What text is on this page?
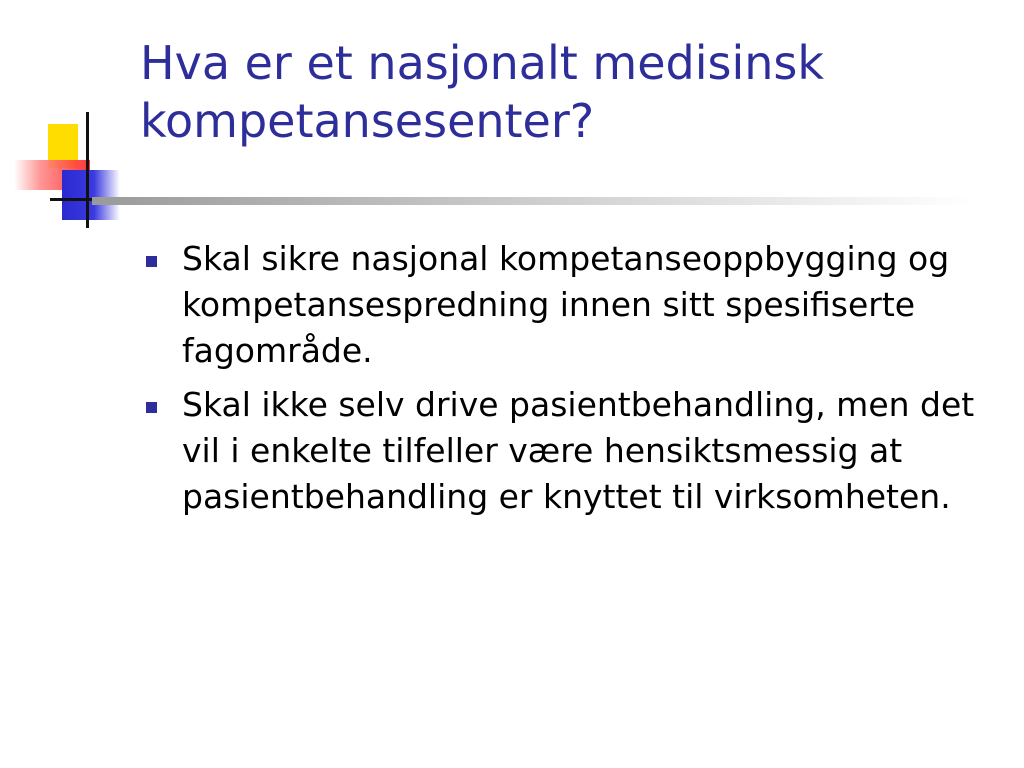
Hva er et nasjonalt medisinsk kompetansesenter?
Skal sikre nasjonal kompetanseoppbygging og kompetansespredning innen sitt spesifiserte fagområde.
Skal ikke selv drive pasientbehandling, men det vil i enkelte tilfeller være hensiktsmessig at pasientbehandling er knyttet til virksomheten.
